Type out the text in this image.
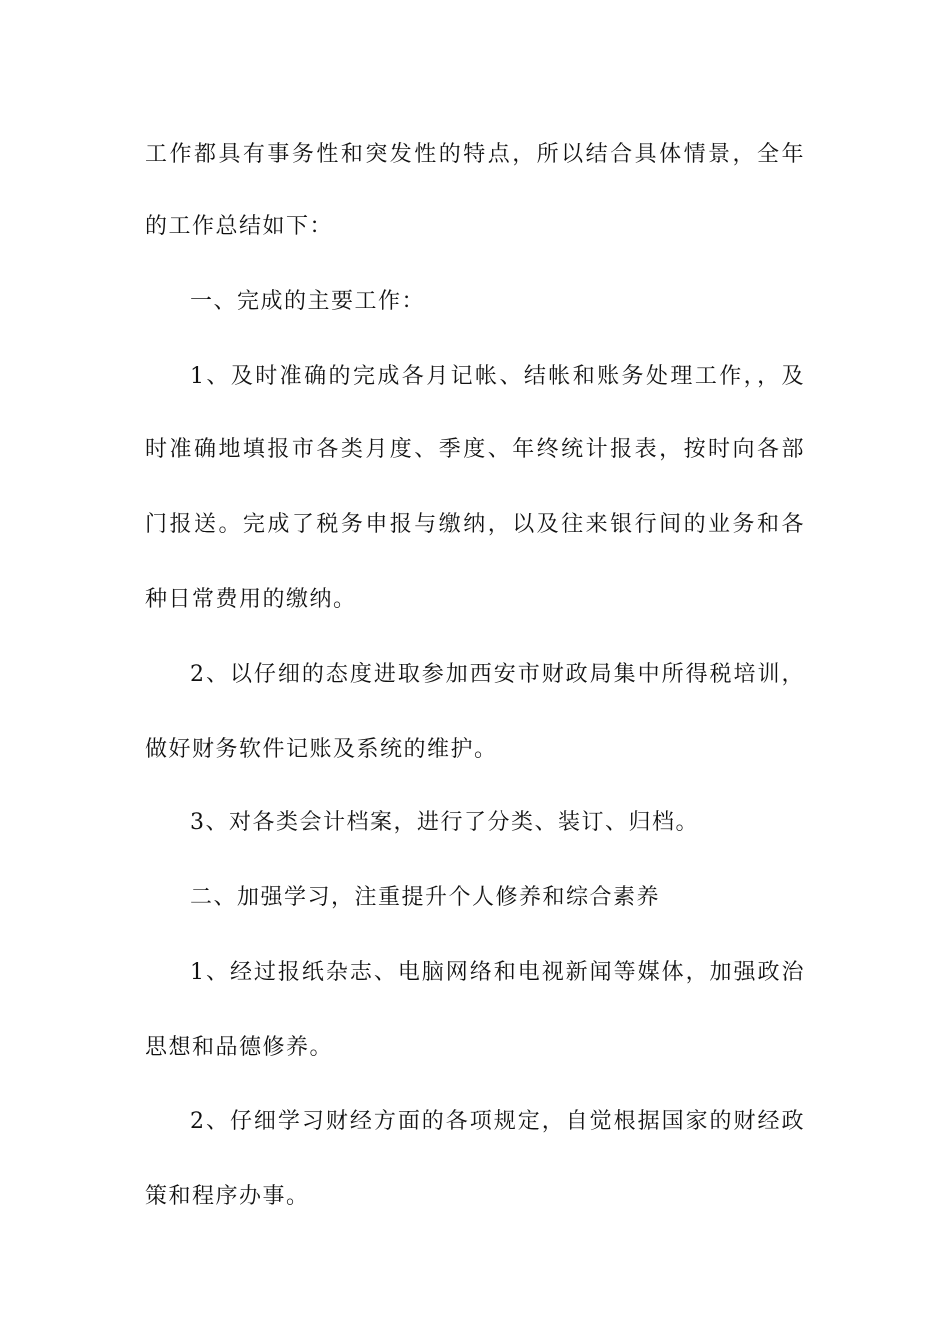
工作都具有事务性和突发性的特点，所以结合具体情景，全年
的工作总结如下：
一、完成的主要工作：
1、及时准确的完成各月记帐、结帐和账务处理工作，，及
时准确地填报市各类月度、季度、年终统计报表，按时向各部
门报送。完成了税务申报与缴纳，以及往来银行间的业务和各
种日常费用的缴纳。
2、以仔细的态度进取参加西安市财政局集中所得税培训，
做好财务软件记账及系统的维护。
3、对各类会计档案，进行了分类、装订、归档。
二、加强学习，注重提升个人修养和综合素养
1、经过报纸杂志、电脑网络和电视新闻等媒体，加强政治
思想和品德修养。
2、仔细学习财经方面的各项规定，自觉根据国家的财经政
策和程序办事。
